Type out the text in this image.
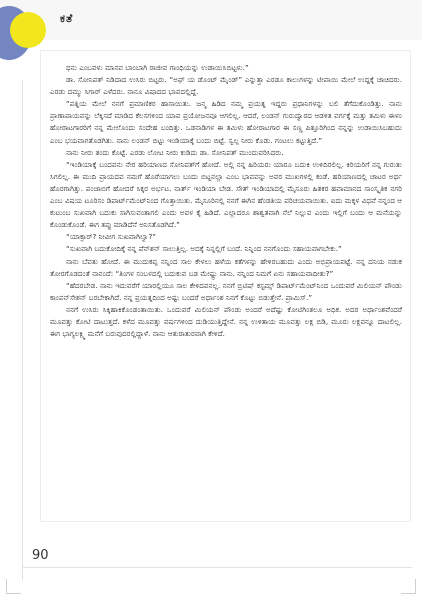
ಕತೆ

ಧನು ಎಂಬವಳು ಮಾನವ ಬಾಂಬಾಗಿ ರಾಜೀವ ಗಾಂಧಿಯನ್ನು ಉಡಾಯಿಸಿಬಿಟ್ಟಳು.”

ಡಾ. ಸೋನಿಪತ್ ನಿಡಿದಾದ ಉಸಿರು ಬಿಟ್ಟರು. “ಅಫ್ ಯ ಡೊಂಟ್ ಮೈಂಡ್” ಎನ್ನುತ್ತಾ ಎರಡೂ ಕಾಲುಗಳನ್ನು ಟೀಪಾಯಿ ಮೇಲೆ ಉದ್ದಕ್ಕೆ ಚಾಚಿದರು. ಎರಡು ದಮ್ಮು ಸಿಗಾರ್ ಎಳೆದರು. ನಾನೂ ವಿಷಾದದ ಭಾವದಲ್ಲಿದ್ದೆ.

“ಪತ್ನಿಯ ಮೇಲೆ ನನಗೆ ಪ್ರಮಾಣಿಕರ ಹಾಸಾಯಿತು. ಜನ್ಮ ಹಿಡಿದ ನಮ್ಮ ಪ್ರಯತ್ನ ಇದ್ದರು ಪ್ರಧಾನಿಗಳನ್ನು ಬಲಿ ತೆಗೆದುಕೊಂಡಿತ್ತು. ನಾನು ಪ್ರಾಣಾಪಾಯವನ್ನು ಲೆಕ್ಕಿಸದೆ ಮಾಡಿದ ಕೆಲಸಗಳಿಂದ ಯಾವ ಪ್ರಯೋಜನವೂ ಆಗಲಿಲ್ಲ. ಆದರೆ, ಲಂಡನ್ ಗುರುದ್ವಾರದ ಆಡಳಿತ ವರ್ಗಕ್ಕೆ ಮತ್ತು ತಮಿಳು ಈಳಂ ಹೋರಾಟಗಾರರಿಗೆ ನನ್ನ ಮೇಲೊಂದು ಸಂದೇಹ ಬಂದಿತ್ತು. ಒಡನಾಡಿಗಳ ಈ ತಮಿಳು ಹೋರಾಟಗಾರ ಈ ಸಣ್ಣ ಪಿತ್ತೂರಿಗಿಂದ ನನ್ನನ್ನು ಉಡಾಯಿಸಿಬಹುದು ಎಂಬ ಭಯವಾಗತೊಡಗಿತು. ನಾನು ಲಂಡನ್ ಬಿಟ್ಟು ಇಂಡಿಯಾಕ್ಕೆ ಬಂದು ಬಿಟ್ಟೆ. ಸ್ವಲ್ಪ ನೀರು ಕೊಡು. ಗಂಟಲು ಕಟ್ಟುತ್ತಿದೆ.”

ನಾನು ನೀರು ತಂದು ಕೊಟ್ಟೆ. ಎರಡು ಲೋಟ ನೀರು ಕುಡಿದು ಡಾ. ಸೋನಿಪತ್ ಮುಂದುವರಿಸಿದರು.

“ಇಂಡಿಯಾಕ್ಕೆ ಬಂದವನು ನೇರ ಹರಿಯಾಣದ ಸೋನಿಪತ್‌ಗೆ ಹೋದೆ. ಅಲ್ಲಿ ನನ್ನ ಹಿರಿಯರು ಯಾರೂ ಬದುಕಿ ಉಳಿದಿರಲಿಲ್ಲ. ಕಿರಿಯರಿಗೆ ನನ್ನ ಗುರುತು ಸಿಗಲಿಲ್ಲ. ಈ ಮುದಿ ಪ್ರಾಯದವ ನಮಗೆ ಹೊರೆಯಾಗಲು ಬಂದು ಬಿಟ್ಟನಲ್ಲಾ ಎಂಬ ಭಾವವನ್ನು ಅವರ ಮುಖಗಳಲ್ಲಿ ಕಂಡೆ. ಹರಿಯಾಣದಲ್ಲಿ ಚಾಟರ ಅರ್ಥ ಹೊರಗಾಗಿತ್ತು. ಪಂಜಾಬಿಗೆ ಹೋದರೆ ಸಿಕ್ಕರ ಅರ್ಭಟ. ನಾರ್ತ್ ಇಂಡಿಯಾ ಬೇಡ. ಸೌತ್ ಇಂಡಿಯಾದಲ್ಲಿ ಮೈಸೂರು ಹಿತಕರ ಹವಾಮಾನದ ಸಾಂಸ್ಕೃತಿಕ ನಗರಿ ಎಂಬ ವಿಷಯ ಟೂರಿಸಂ ಡಿಪಾರ್ಟ್‌ಮೆಂಟ್‌ನಿಂದ ಗೊತ್ತಾಯಿತು. ಮೈಸೂರಿನಲ್ಲಿ ನನಗೆ ಈಗಿನ ಹೆಂಡತಿಯ ಪರಿಚಯವಾಯಿತು. ಐದು ಮಕ್ಕಳ ವಿಧವೆ ನನ್ನಂದ ಆ ಕುಟುಂಬ ಸುಖವಾಗಿ ಬದುಕು ಸಾಗಿಸುವಂತಾಗಲಿ ಎಂದು ಅವಳ ಕೈ ಹಿಡಿದೆ. ಎಲ್ಲಾದರೂ ಶಾಶ್ವತವಾಗಿ ನೆಲೆ ನಿಲ್ಲುವ ಎಂದು ಇಲ್ಲಿಗೆ ಬಂದು ಆ ಮನೆಯನ್ನು ಕೊಂಡುಕೊಂಡೆ. ಈಗ ತಪ್ಪು ಮಾಡಿದೆನೆ ಅನಿಸತೊಡಗಿದೆ.”

“ಯಾಕ್ಸಾರ್? ನೀವೀಗ ಸುಖವಾಗಿಲ್ವಾ?”

“ಸುಖವಾಗಿ ಬದುಕೋದಿಕ್ಕೆ ನನ್ನ ಪೆನ್‌ಶನ್ ಸಾಲುತ್ತಿಲ್ಲ. ಅದಕ್ಕೆ ನಿನ್ನಲ್ಲಿಗೆ ಬಂದೆ. ನಿನ್ನಿಂದ ನನಗೊಂದು ಸಹಾಯವಾಗಬೇಕು.”

ನಾನು ಬೆವತು ಹೋದೆ. ಈ ಮುದುಕಪ್ಪ ನನ್ನಿಂದ ಸಾಲ ಕೇಳಲು ಹಳೆಯ ಕತೆಗಳನ್ನು ಹೇಳಿರಬಹುದು ಎಂದು ಅಭಿಪ್ರಾಯಪಟ್ಟೆ. ನನ್ನ ದನಿಯ ನಡುಕ ತೋರಗೊಡದಂತೆ ನಾನಂದೆ: “ತಿಂಗಳ ಸಂಬಳದಲ್ಲಿ ಬದುಕುವ ಬಡ ಮೇಷ್ಟ್ರು ನಾನು. ನನ್ನಿಂದ ನಿಮಗೆ ಏನು ಸಹಾಯವಾದೀತು?”

“ಹೆದರಬೇಡ. ನಾನು ಇದುವರೆಗೆ ಯಾರಲ್ಲಿಯೂ ಸಾಲ ಕೇಳಿದವನಲ್ಲ. ನನಗೆ ಬ್ರಿಟಿಷ್ ಕಸ್ಟಮ್ಸ್ ಡಿಪಾರ್ಟ್‌ಮೆಂಟ್‌ನಿಂದ ಒಂದುವರೆ ಮಿಲಿಯನ್ ಪೌಂಡು ಕಾಂಪನ್‌ಸೇಶನ್ ಬರಬೇಕಾಗಿದೆ. ನನ್ನ ಪ್ರಯತ್ನದಿಂದ ಅಷ್ಟು ಬಂದರೆ ಅರ್ಧಾಂಶ ನಿನಗೆ ಕೊಟ್ಟು ಬಿಡುತ್ತೇನೆ. ಪ್ರಾಮಿಸ್.”

ನನಗೆ ಉಸಿರು ಸಿಕ್ಕಿಹಾಕಿಕೊಂಡಂತಾಯಿತು. ಒಂದುವರೆ ಮಿಲಿಯನ್ ಪೌಂಡು ಅಂದರೆ ಅದೆಷ್ಟು ಕೋಟಿಗಿಂತಲೂ ಅಧಿಕ. ಅದರ ಅರ್ಧಾಂಶವೆಂದರೆ ಮೂವತ್ತು ಕೋಟಿ ದಾಟುತ್ತದೆ. ಕಳೆದ ಮೂವತ್ತು ವರ್ಷಗಳಿಂದ ದುಡಿಯುತ್ತಿದ್ದೇನೆ. ನನ್ನ ಉಳಿತಾಯ ಮೂವತ್ತು ಲಕ್ಷ ಬಿಡಿ, ಮೂರು ಲಕ್ಷವನ್ನೂ ದಾಟಲಿಲ್ಲ. ಈಗ ಭಾಗ್ಯಲಕ್ಷ್ಮಿ ಮನೆಗೆ ಬರುವುದರಲ್ಲಿದ್ದಾಳೆ. ನಾನು ಆತುರಾತುರವಾಗಿ ಕೇಳಿದೆ.

90
